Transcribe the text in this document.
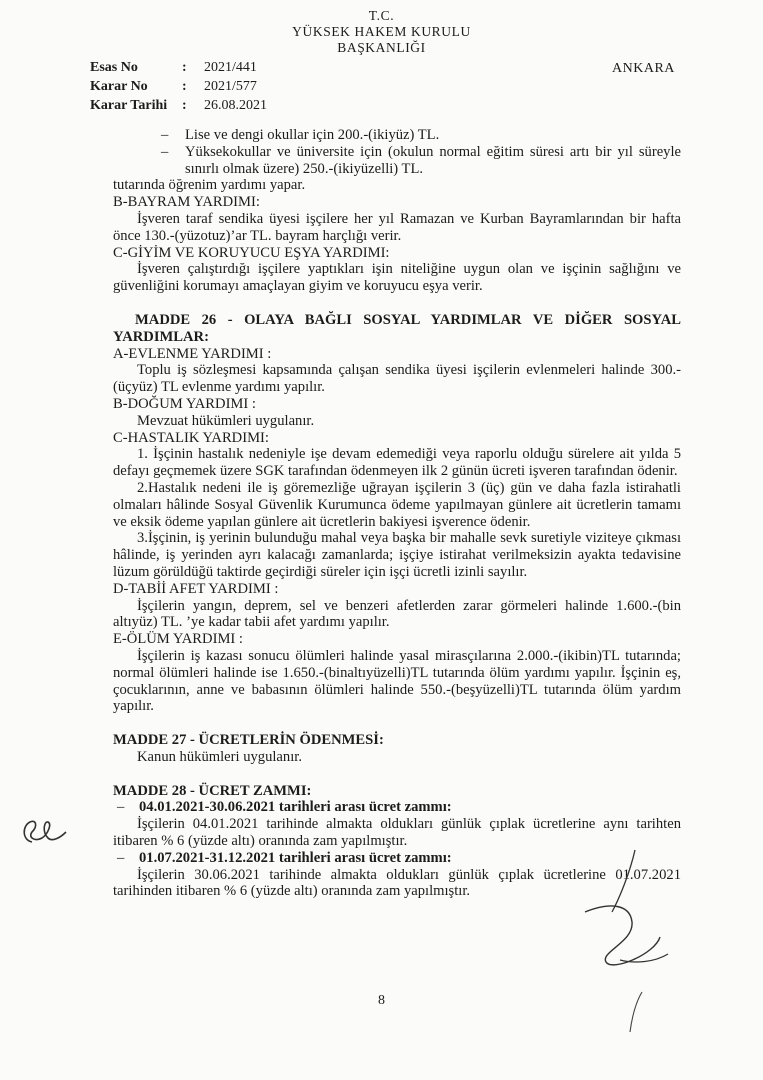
T.C.
YÜKSEK HAKEM KURULU
BAŞKANLIĞI
Esas No	:	2021/441
Karar No	:	2021/577
Karar Tarihi	:	26.08.2021
ANKARA
–	Lise ve dengi okullar için 200.-(ikiyüz) TL.
–	Yüksekokullar ve üniversite için (okulun normal eğitim süresi artı bir yıl süreyle sınırlı olmak üzere) 250.-(ikiyüzelli) TL.

tutarında öğrenim yardımı yapar.

B-BAYRAM YARDIMI:

İşveren taraf sendika üyesi işçilere her yıl Ramazan ve Kurban Bayramlarından bir hafta önce 130.-(yüzotuz)’ar TL. bayram harçlığı verir.

C-GİYİM VE KORUYUCU EŞYA YARDIMI:

İşveren çalıştırdığı işçilere yaptıkları işin niteliğine uygun olan ve işçinin sağlığını ve güvenliğini korumayı amaçlayan giyim ve koruyucu eşya verir.

MADDE 26 - OLAYA BAĞLI SOSYAL YARDIMLAR VE DİĞER SOSYAL YARDIMLAR:

A-EVLENME YARDIMI :

Toplu iş sözleşmesi kapsamında çalışan sendika üyesi işçilerin evlenmeleri halinde 300.-(üçyüz) TL evlenme yardımı yapılır.

B-DOĞUM YARDIMI :

Mevzuat hükümleri uygulanır.

C-HASTALIK YARDIMI:

1. İşçinin hastalık nedeniyle işe devam edemediği veya raporlu olduğu sürelere ait yılda 5 defayı geçmemek üzere SGK tarafından ödenmeyen ilk 2 günün ücreti işveren tarafından ödenir.

2.Hastalık nedeni ile iş göremezliğe uğrayan işçilerin 3 (üç) gün ve daha fazla istirahatli olmaları hâlinde Sosyal Güvenlik Kurumunca ödeme yapılmayan günlere ait ücretlerin tamamı ve eksik ödeme yapılan günlere ait ücretlerin bakiyesi işverence ödenir.

3.İşçinin, iş yerinin bulunduğu mahal veya başka bir mahalle sevk suretiyle viziteye çıkması hâlinde, iş yerinden ayrı kalacağı zamanlarda; işçiye istirahat verilmeksizin ayakta tedavisine lüzum görüldüğü taktirde geçirdiği süreler için işçi ücretli izinli sayılır.

D-TABİİ AFET YARDIMI :

İşçilerin yangın, deprem, sel ve benzeri afetlerden zarar görmeleri halinde 1.600.-(bin altıyüz) TL. ’ye kadar tabii afet yardımı yapılır.

E-ÖLÜM YARDIMI :

İşçilerin iş kazası sonucu ölümleri halinde yasal mirasçılarına 2.000.-(ikibin)TL tutarında; normal ölümleri halinde ise 1.650.-(binaltıyüzelli)TL tutarında ölüm yardımı yapılır. İşçinin eş, çocuklarının, anne ve babasının ölümleri halinde 550.-(beşyüzelli)TL tutarında ölüm yardım yapılır.

MADDE 27 - ÜCRETLERİN ÖDENMESİ:

Kanun hükümleri uygulanır.

MADDE 28 - ÜCRET ZAMMI:

–	04.01.2021-30.06.2021 tarihleri arası ücret zammı:

İşçilerin 04.01.2021 tarihinde almakta oldukları günlük çıplak ücretlerine aynı tarihten itibaren % 6 (yüzde altı) oranında zam yapılmıştır.

–	01.07.2021-31.12.2021 tarihleri arası ücret zammı:

İşçilerin 30.06.2021 tarihinde almakta oldukları günlük çıplak ücretlerine 01.07.2021 tarihinden itibaren % 6 (yüzde altı) oranında zam yapılmıştır.

8
